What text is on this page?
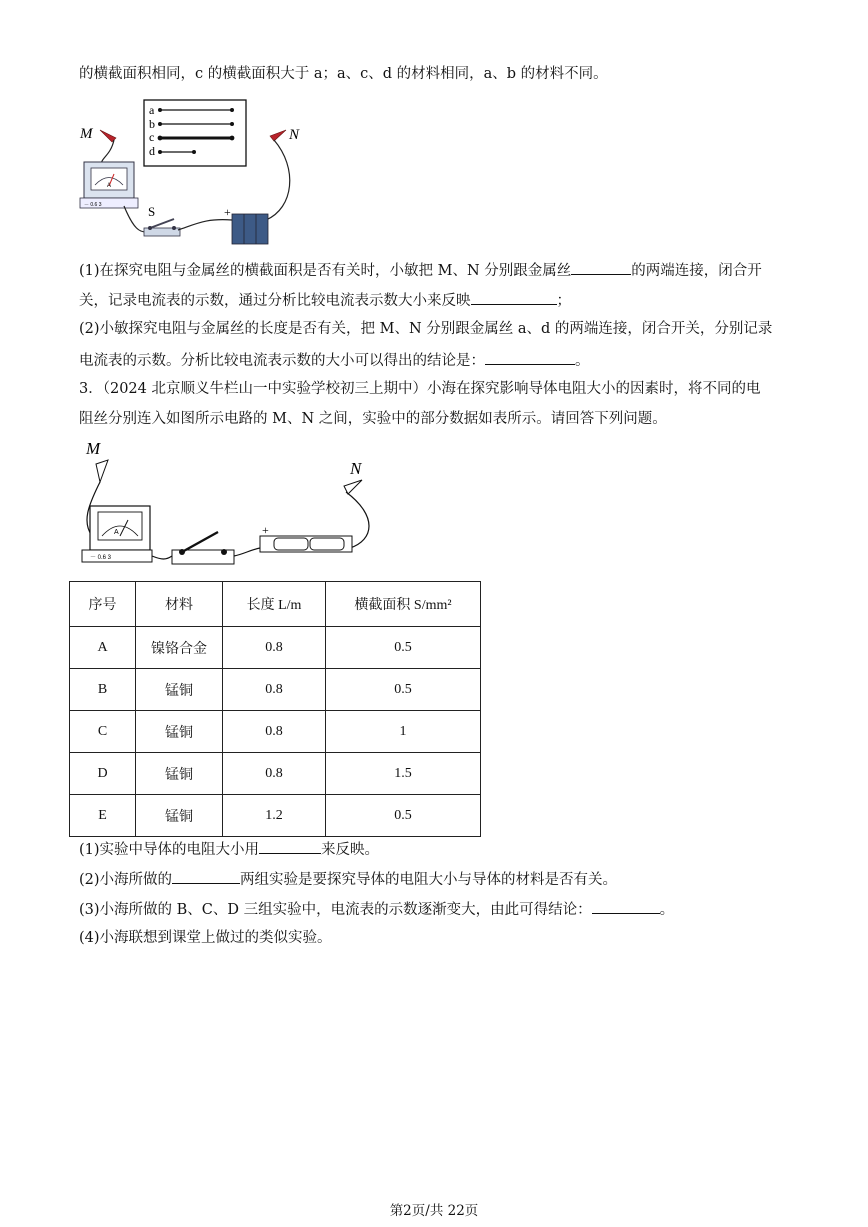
的横截面积相同，c 的横截面积大于 a；a、c、d 的材料相同，a、b 的材料不同。
a
b
c
d
M	N
A
－ 0.6 3	S	+
(1)在探究电阻与金属丝的横截面积是否有关时，小敏把 M、N 分别跟金属丝	的两端连接，闭合开
关，记录电流表的示数，通过分析比较电流表示数大小来反映	；
(2)小敏探究电阻与金属丝的长度是否有关，把 M、N 分别跟金属丝 a、d 的两端连接，闭合开关，分别记录
电流表的示数。分析比较电流表示数的大小可以得出的结论是：	。
3．（2024 北京顺义牛栏山一中实验学校初三上期中）小海在探究影响导体电阻大小的因素时，将不同的电
阻丝分别连入如图所示电路的 M、N 之间，实验中的部分数据如表所示。请回答下列问题。
M
N
A
－ 0.6 3
+
序号	材料	长度 L/m	横截面积 S/mm²
A	镍铬合金	0.8	0.5
B	锰铜	0.8	0.5
C	锰铜	0.8	1
D	锰铜	0.8	1.5
E	锰铜	1.2	0.5
(1)实验中导体的电阻大小用	来反映。
(2)小海所做的	两组实验是要探究导体的电阻大小与导体的材料是否有关。
(3)小海所做的 B、C、D 三组实验中，电流表的示数逐渐变大，由此可得结论：	。
(4)小海联想到课堂上做过的类似实验。
第2页/共 22页
